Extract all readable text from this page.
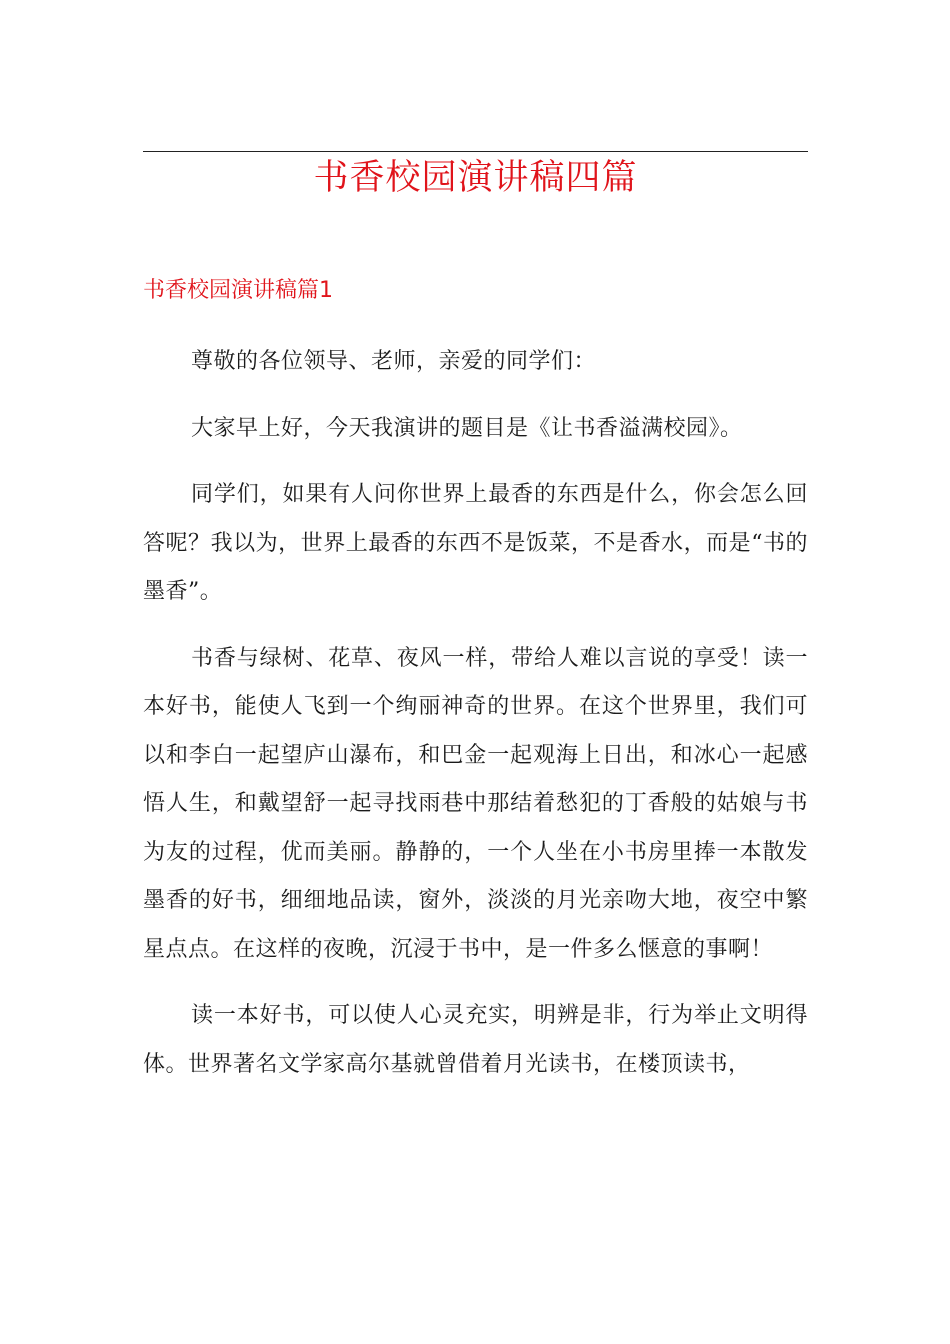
书香校园演讲稿四篇
书香校园演讲稿篇1

尊敬的各位领导、老师，亲爱的同学们：

大家早上好，今天我演讲的题目是《让书香溢满校园》。

同学们，如果有人问你世界上最香的东西是什么，你会怎么回答呢？我以为，世界上最香的东西不是饭菜，不是香水，而是“书的墨香”。

书香与绿树、花草、夜风一样，带给人难以言说的享受！读一本好书，能使人飞到一个绚丽神奇的世界。在这个世界里，我们可以和李白一起望庐山瀑布，和巴金一起观海上日出，和冰心一起感悟人生，和戴望舒一起寻找雨巷中那结着愁犯的丁香般的姑娘与书为友的过程，优而美丽。静静的，一个人坐在小书房里捧一本散发墨香的好书，细细地品读，窗外，淡淡的月光亲吻大地，夜空中繁星点点。在这样的夜晚，沉浸于书中，是一件多么惬意的事啊！

读一本好书，可以使人心灵充实，明辨是非，行为举止文明得体。世界著名文学家高尔基就曾借着月光读书，在楼顶读书，
